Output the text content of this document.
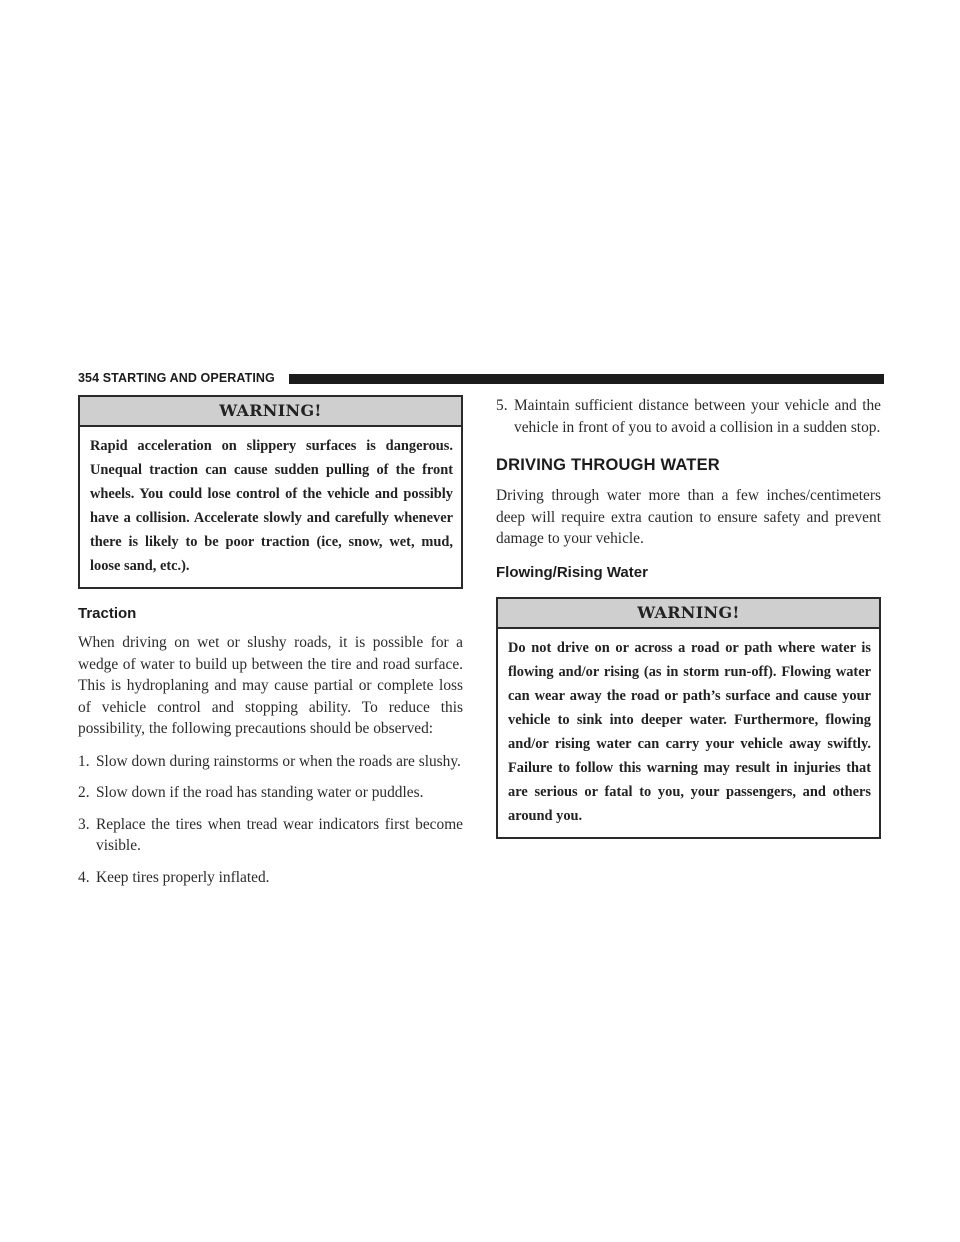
354 STARTING AND OPERATING
WARNING!
Rapid acceleration on slippery surfaces is dangerous. Unequal traction can cause sudden pulling of the front wheels. You could lose control of the vehicle and possibly have a collision. Accelerate slowly and carefully whenever there is likely to be poor traction (ice, snow, wet, mud, loose sand, etc.).
Traction

When driving on wet or slushy roads, it is possible for a wedge of water to build up between the tire and road surface. This is hydroplaning and may cause partial or complete loss of vehicle control and stopping ability. To reduce this possibility, the following precautions should be observed:

1. Slow down during rainstorms or when the roads are slushy.
2. Slow down if the road has standing water or puddles.
3. Replace the tires when tread wear indicators first become visible.
4. Keep tires properly inflated.
5. Maintain sufficient distance between your vehicle and the vehicle in front of you to avoid a collision in a sudden stop.
DRIVING THROUGH WATER

Driving through water more than a few inches/centimeters deep will require extra caution to ensure safety and prevent damage to your vehicle.

Flowing/Rising Water
WARNING!
Do not drive on or across a road or path where water is flowing and/or rising (as in storm run-off). Flowing water can wear away the road or path’s surface and cause your vehicle to sink into deeper water. Furthermore, flowing and/or rising water can carry your vehicle away swiftly. Failure to follow this warning may result in injuries that are serious or fatal to you, your passengers, and others around you.
